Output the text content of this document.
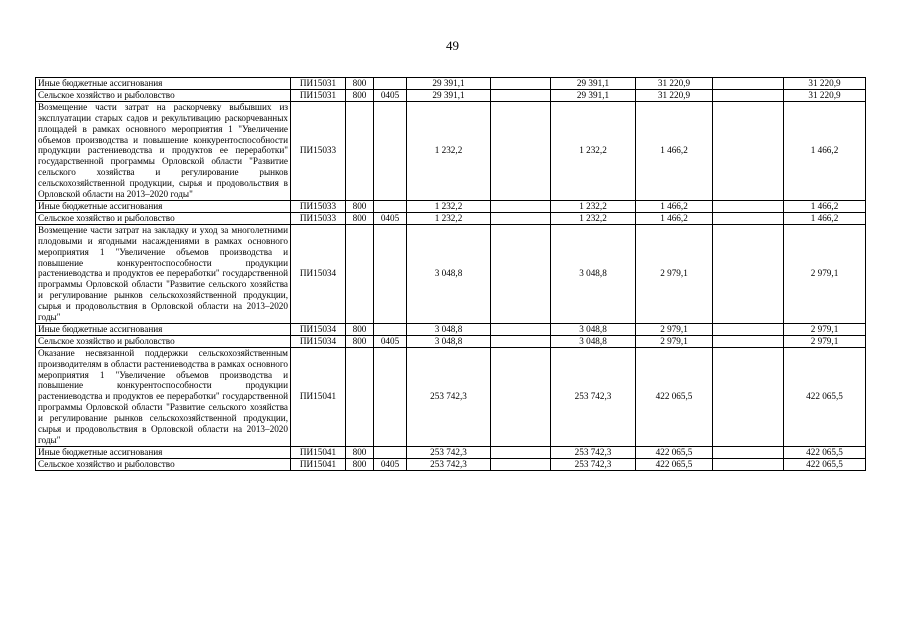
49
Иные бюджетные ассигнования	ПИ15031	800		29 391,1		29 391,1	31 220,9		31 220,9
Сельское хозяйство и рыболовство	ПИ15031	800	0405	29 391,1		29 391,1	31 220,9		31 220,9
Возмещение части затрат на раскорчевку выбывших из эксплуатации старых садов и рекультивацию раскорчеванных площадей в рамках основного мероприятия 1 "Увеличение объемов производства и повышение конкурентоспособности продукции растениеводства и продуктов ее переработки" государственной программы Орловской области "Развитие сельского хозяйства и регулирование рынков сельскохозяйственной продукции, сырья и продовольствия в Орловской области на 2013–2020 годы"	ПИ15033			1 232,2		1 232,2	1 466,2		1 466,2
Иные бюджетные ассигнования	ПИ15033	800		1 232,2		1 232,2	1 466,2		1 466,2
Сельское хозяйство и рыболовство	ПИ15033	800	0405	1 232,2		1 232,2	1 466,2		1 466,2
Возмещение части затрат на закладку и уход за многолетними плодовыми и ягодными насаждениями в рамках основного мероприятия 1 "Увеличение объемов производства и повышение конкурентоспособности продукции растениеводства и продуктов ее переработки" государственной программы Орловской области "Развитие сельского хозяйства и регулирование рынков сельскохозяйственной продукции, сырья и продовольствия в Орловской области на 2013–2020 годы"	ПИ15034			3 048,8		3 048,8	2 979,1		2 979,1
Иные бюджетные ассигнования	ПИ15034	800		3 048,8		3 048,8	2 979,1		2 979,1
Сельское хозяйство и рыболовство	ПИ15034	800	0405	3 048,8		3 048,8	2 979,1		2 979,1
Оказание несвязанной поддержки сельскохозяйственным производителям в области растениеводства в рамках основного мероприятия 1 "Увеличение объемов производства и повышение конкурентоспособности продукции растениеводства и продуктов ее переработки" государственной программы Орловской области "Развитие сельского хозяйства и регулирование рынков сельскохозяйственной продукции, сырья и продовольствия в Орловской области на 2013–2020 годы"	ПИ15041			253 742,3		253 742,3	422 065,5		422 065,5
Иные бюджетные ассигнования	ПИ15041	800		253 742,3		253 742,3	422 065,5		422 065,5
Сельское хозяйство и рыболовство	ПИ15041	800	0405	253 742,3		253 742,3	422 065,5		422 065,5
